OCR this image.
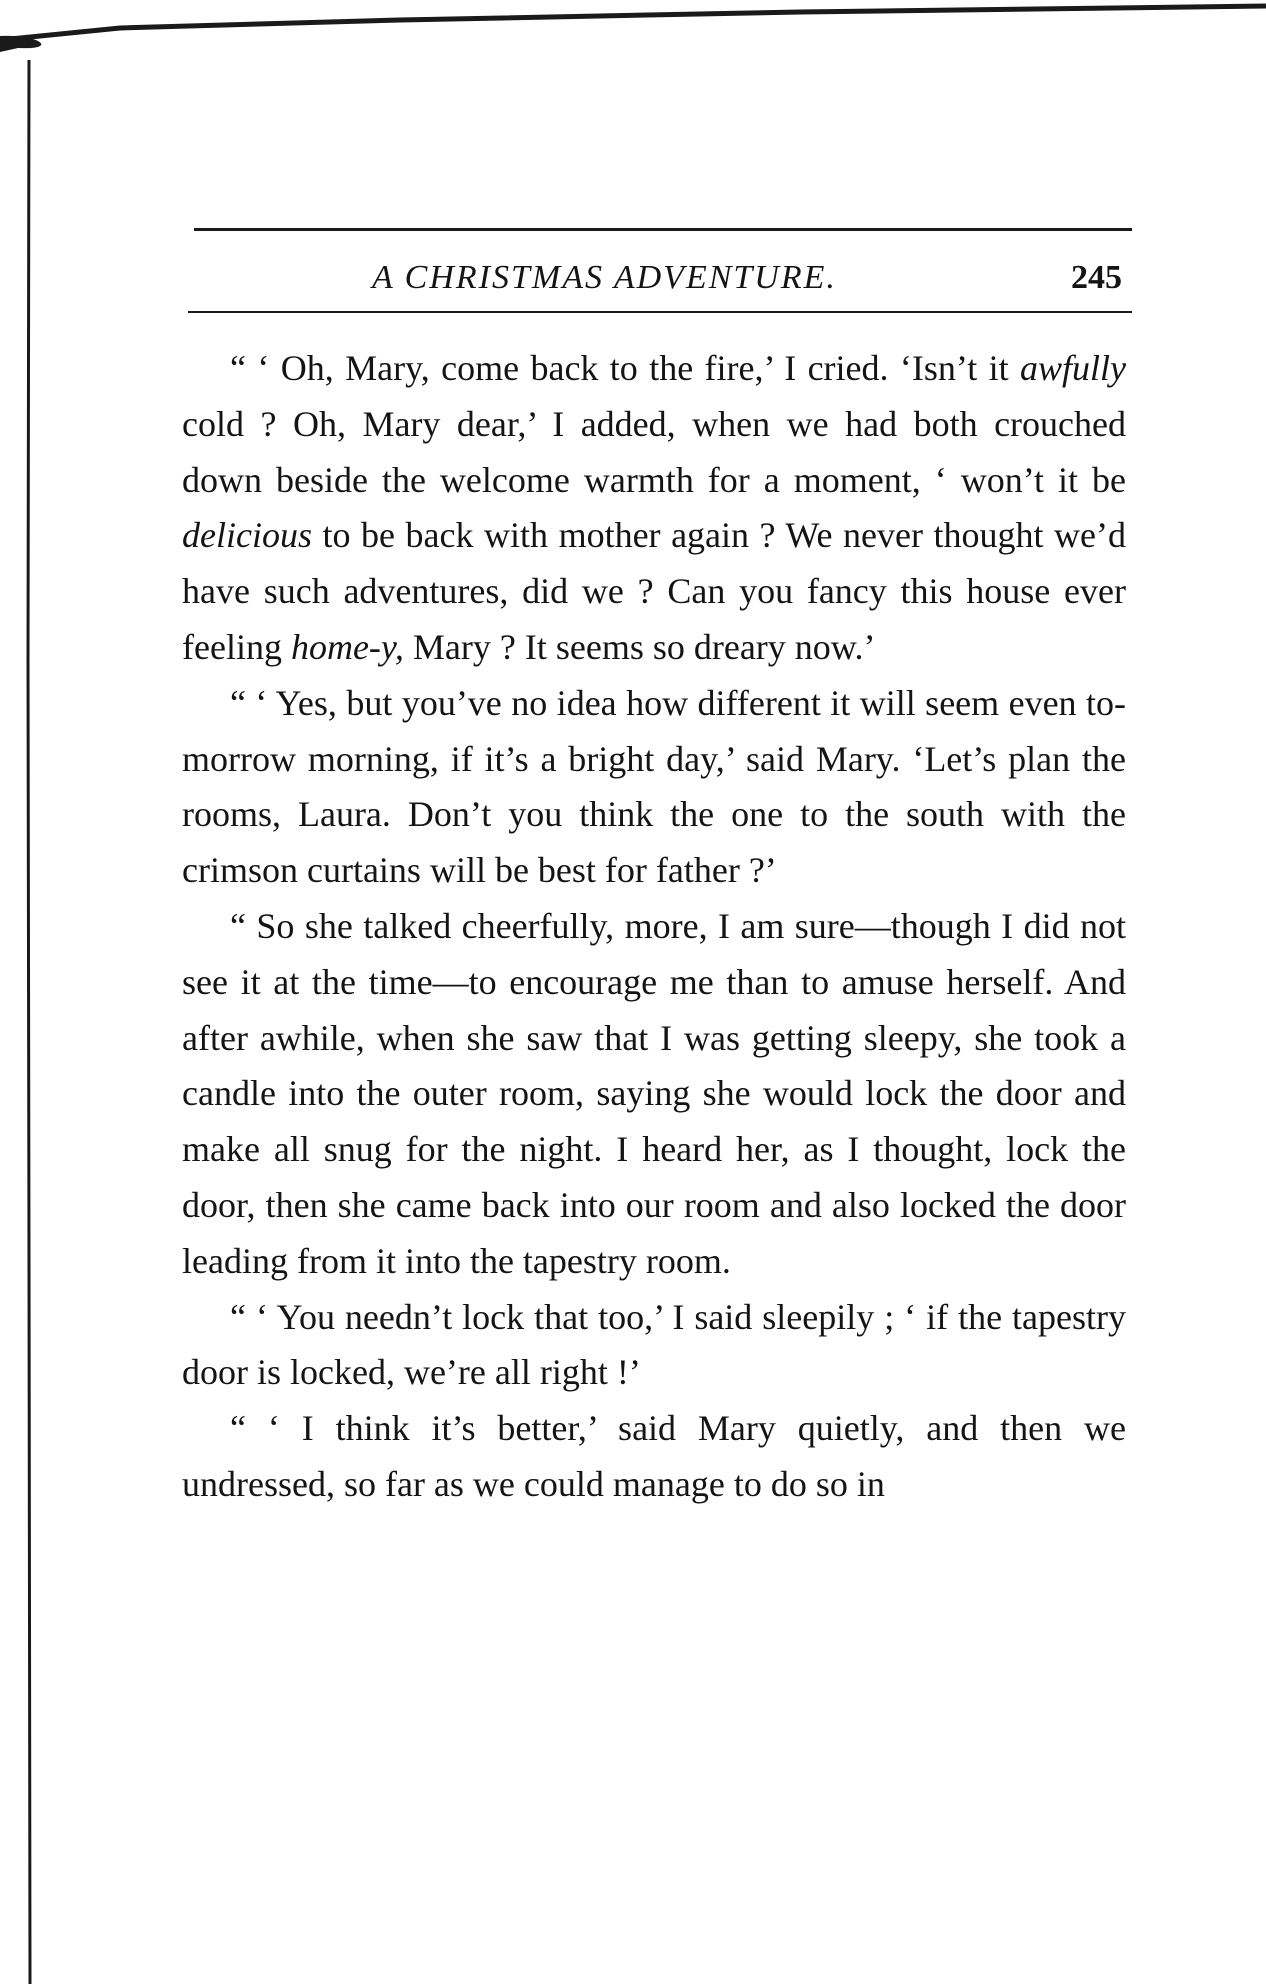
A CHRISTMAS ADVENTURE.	245

“ ‘ Oh, Mary, come back to the fire,’ I cried. ‘Isn’t it awfully cold ? Oh, Mary dear,’ I added, when we had both crouched down beside the welcome warmth for a moment, ‘ won’t it be delicious to be back with mother again ? We never thought we’d have such adventures, did we ? Can you fancy this house ever feeling home-y, Mary ? It seems so dreary now.’

“ ‘ Yes, but you’ve no idea how different it will seem even to-morrow morning, if it’s a bright day,’ said Mary. ‘Let’s plan the rooms, Laura. Don’t you think the one to the south with the crimson curtains will be best for father ?’

“ So she talked cheerfully, more, I am sure—though I did not see it at the time—to encourage me than to amuse herself. And after awhile, when she saw that I was getting sleepy, she took a candle into the outer room, saying she would lock the door and make all snug for the night. I heard her, as I thought, lock the door, then she came back into our room and also locked the door leading from it into the tapestry room.

“ ‘ You needn’t lock that too,’ I said sleepily ; ‘ if the tapestry door is locked, we’re all right !’

“ ‘ I think it’s better,’ said Mary quietly, and then we undressed, so far as we could manage to do so in
